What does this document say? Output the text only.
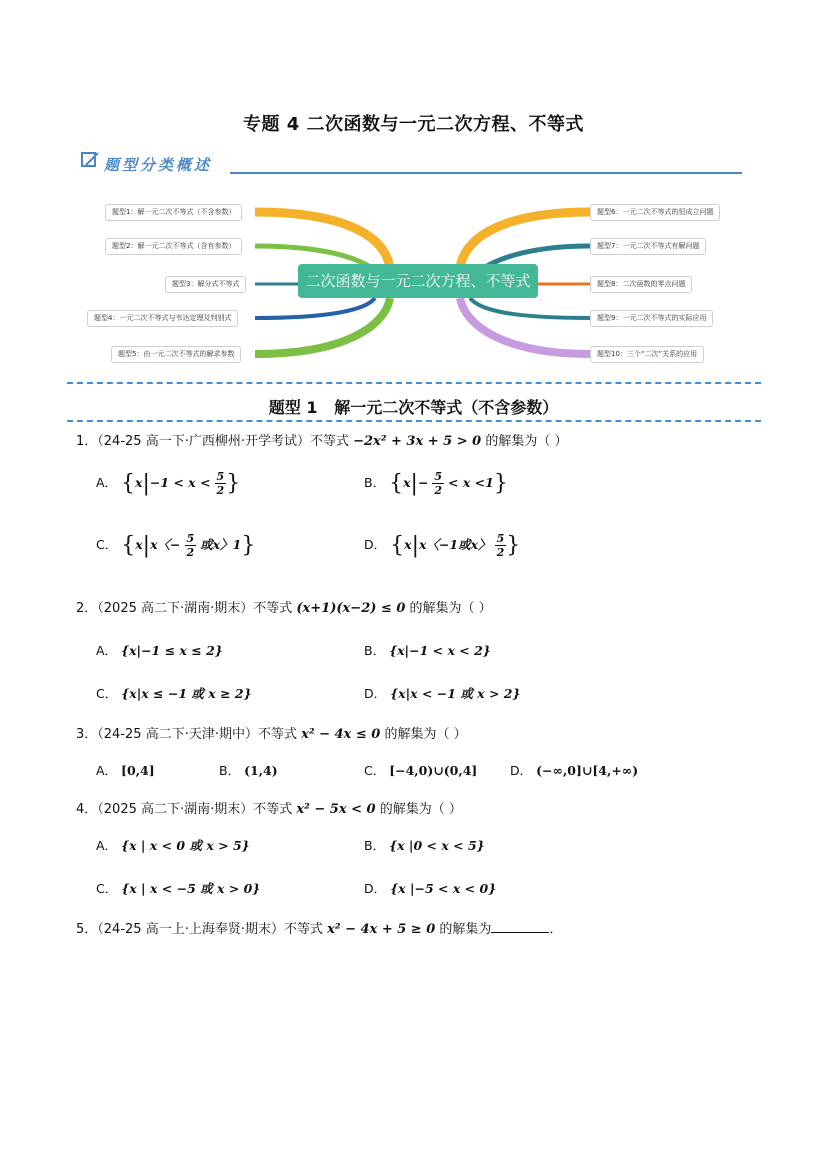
专题 4 二次函数与一元二次方程、不等式
题型分类概述
题型1：解一元二次不等式（不含参数）
题型2：解一元二次不等式（含有参数）
题型3：解分式不等式
题型4：一元二次不等式与韦达定理及判别式
题型5：由一元二次不等式的解求参数
二次函数与一元二次方程、不等式
题型6：一元二次不等式的恒成立问题
题型7：一元二次不等式有解问题
题型8：二次函数的零点问题
题型9：一元二次不等式的实际应用
题型10：三个“二次”关系的应用
题型 1 解一元二次不等式（不含参数）
1．（24-25 高一下·广西柳州·开学考试）不等式 −2x² + 3x + 5 > 0 的解集为（ ）
A． {$x|-1 < x < \frac{5}{2}$ }	B． $\{x|- \frac{5}{2} < x <1\}$
C． {x|x〈− $\frac{5}{2}$ 或x〉1}	D． {x|x〈−1或x〉 $\frac{5}{2}$ }
2．（2025 高二下·湖南·期末）不等式 (x+1)(x−2) ≤ 0 的解集为（ ）
A． {x|−1 ≤ x ≤ 2}	B． {x|−1 < x < 2}
C． {x|x ≤ −1 或 x ≥ 2}	D． {x|x < −1 或 x > 2}
3．（24-25 高二下·天津·期中）不等式 x² − 4x ≤ 0 的解集为（ ）
A． [0,4]	B． (1,4)	C． [−4,0)∪(0,4]	D． (−∞,0]∪[4,+∞)
4．（2025 高二下·湖南·期末）不等式 x² − 5x < 0 的解集为（ ）
A． {x | x < 0 或 x > 5}	B． {x |0 < x < 5}
C． {x | x < −5 或 x > 0}	D． {x |−5 < x < 0}
5．（24-25 高一上·上海奉贤·期末）不等式 x² − 4x + 5 ≥ 0 的解集为	．
